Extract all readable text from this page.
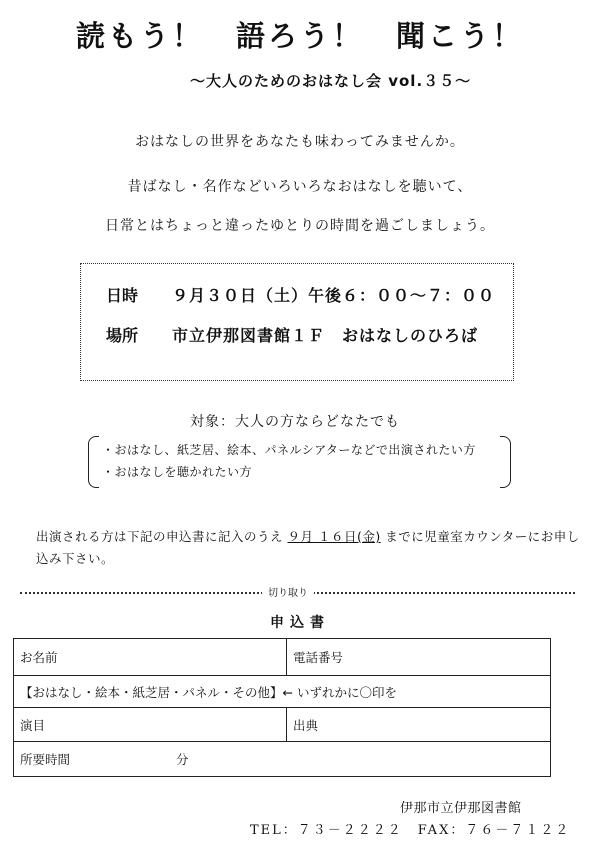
読もう！　語ろう！　聞こう！
～大人のためのおはなし会 vol.３５～
おはなしの世界をあなたも味わってみませんか。
昔ばなし・名作などいろいろなおはなしを聴いて、
日常とはちょっと違ったゆとりの時間を過ごしましょう。
日時 ９月３０日（土）午後６：００～７：００
場所 市立伊那図書館１Ｆ　おはなしのひろば
対象：大人の方ならどなたでも
・おはなし、紙芝居、絵本、パネルシアターなどで出演されたい方
・おはなしを聴かれたい方
出演される方は下記の申込書に記入のうえ ９月 １６日(金) までに児童室カウンターにお申し込み下さい。
切り取り
申込書
お名前	電話番号
【おはなし・絵本・紙芝居・パネル・その他】← いずれかに〇印を
演目	出典
所要時間	分
伊那市立伊那図書館
TEL：７３－２２２２　FAX：７６－７１２２
